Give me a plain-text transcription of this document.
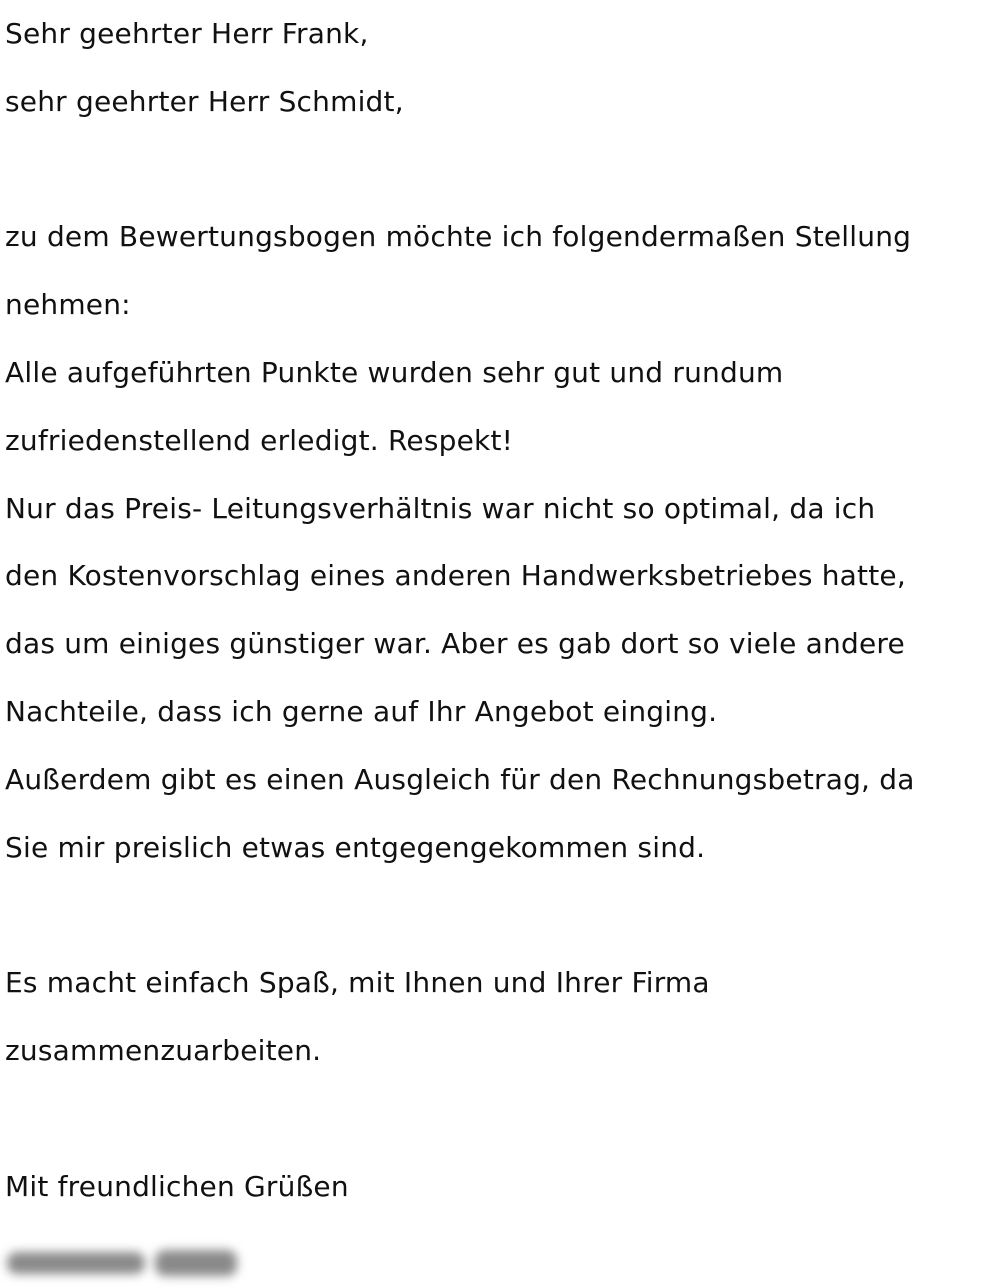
Sehr geehrter Herr Frank,
sehr geehrter Herr Schmidt,
zu dem Bewertungsbogen möchte ich folgendermaßen Stellung
nehmen:
Alle aufgeführten Punkte wurden sehr gut und rundum
zufriedenstellend erledigt. Respekt!
Nur das Preis- Leitungsverhältnis war nicht so optimal, da ich
den Kostenvorschlag eines anderen Handwerksbetriebes hatte,
das um einiges günstiger war. Aber es gab dort so viele andere
Nachteile, dass ich gerne auf Ihr Angebot einging.
Außerdem gibt es einen Ausgleich für den Rechnungsbetrag, da
Sie mir preislich etwas entgegengekommen sind.
Es macht einfach Spaß, mit Ihnen und Ihrer Firma
zusammenzuarbeiten.
Mit freundlichen Grüßen
